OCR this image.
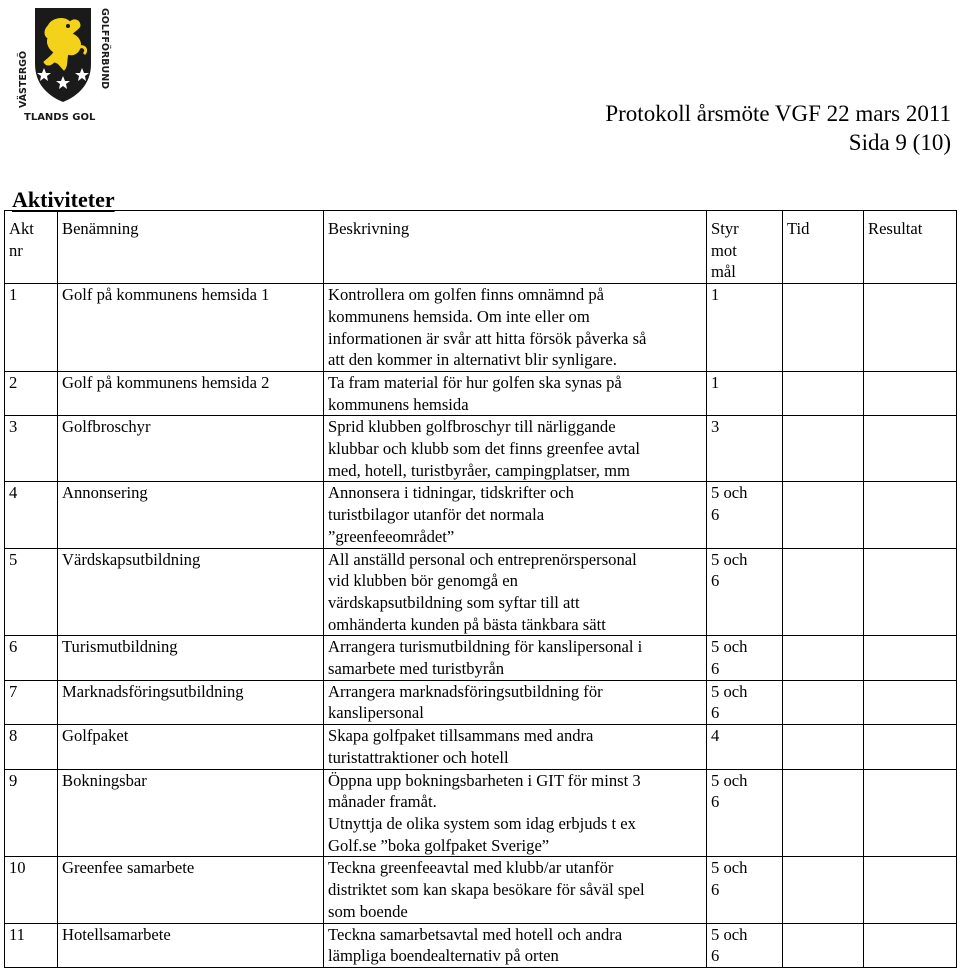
VÄSTERGÖ
TLANDS GOL
GOLFFÖRBUND
Protokoll årsmöte VGF 22 mars 2011
Sida 9 (10)
Aktiviteter
Akt
nr	Benämning	Beskrivning	Styr
mot
mål	Tid	Resultat

1	Golf på kommunens hemsida 1	Kontrollera om golfen finns omnämnd på
kommunens hemsida. Om inte eller om
informationen är svår att hitta försök påverka så
att den kommer in alternativt blir synligare.	1		

2	Golf på kommunens hemsida 2	Ta fram material för hur golfen ska synas på
kommunens hemsida	1		

3	Golfbroschyr	Sprid klubben golfbroschyr till närliggande
klubbar och klubb som det finns greenfee avtal
med, hotell, turistbyråer, campingplatser, mm	3		

4	Annonsering	Annonsera i tidningar, tidskrifter och
turistbilagor utanför det normala
”greenfeeområdet”	5 och
6		

5	Värdskapsutbildning	All anställd personal och entreprenörspersonal
vid klubben bör genomgå en
värdskapsutbildning som syftar till att
omhänderta kunden på bästa tänkbara sätt	5 och
6		

6	Turismutbildning	Arrangera turismutbildning för kanslipersonal i
samarbete med turistbyrån	5 och
6		

7	Marknadsföringsutbildning	Arrangera marknadsföringsutbildning för
kanslipersonal	5 och
6		

8	Golfpaket	Skapa golfpaket tillsammans med andra
turistattraktioner och hotell	4		

9	Bokningsbar	Öppna upp bokningsbarheten i GIT för minst 3
månader framåt.
Utnyttja de olika system som idag erbjuds t ex
Golf.se ”boka golfpaket Sverige”	5 och
6		

10	Greenfee samarbete	Teckna greenfeeavtal med klubb/ar utanför
distriktet som kan skapa besökare för såväl spel
som boende	5 och
6		

11	Hotellsamarbete	Teckna samarbetsavtal med hotell och andra
lämpliga boendealternativ på orten	5 och
6		
